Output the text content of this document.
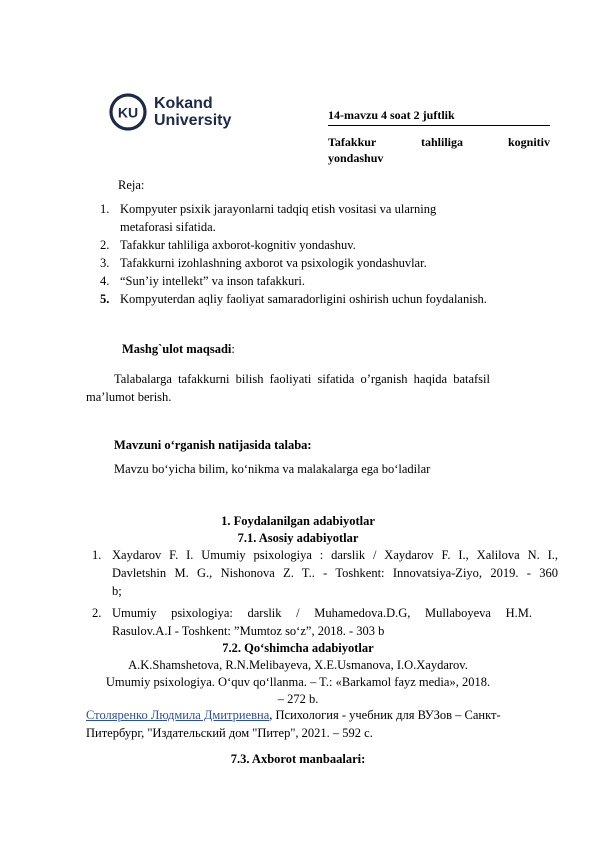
KU
Kokand
University	14-mavzu 4 soat 2 juftlik
Tafakkur tahliliga kognitiv
yondashuv
Reja:
1. Kompyuter psixik jarayonlarni tadqiq etish vositasi va ularning
metaforasi sifatida.
2. Tafakkur tahliliga axborot-kognitiv yondashuv.
3. Tafakkurni izohlashning axborot va psixologik yondashuvlar.
4. “Sun’iy intellekt” va inson tafakkuri.
5. Kompyuterdan aqliy faoliyat samaradorligini oshirish uchun foydalanish.
Mashg`ulot maqsadi:
Talabalarga tafakkurni bilish faoliyati sifatida o’rganish haqida batafsil
ma’lumot berish.
Mavzuni o‘rganish natijasida talaba:
Mavzu bo‘yicha bilim, ko‘nikma va malakalarga ega bo‘ladilar
1. Foydalanilgan adabiyotlar
7.1. Asosiy adabiyotlar
1. Xaydarov F. I. Umumiy psixologiya : darslik / Xaydarov F. I., Xalilova N. I.,
Davletshin M. G., Nishonova Z. T.. - Toshkent: Innovatsiya-Ziyo, 2019. - 360
b;
2. Umumiy psixologiya: darslik / Muhamedova.D.G, Mullaboyeva H.M.
Rasulov.A.I - Toshkent: ”Mumtoz so‘z”, 2018. - 303 b
7.2. Qo‘shimcha adabiyotlar
A.K.Shamshetova, R.N.Melibayeva, X.E.Usmanova, I.O.Xaydarov.
Umumiy psixologiya. O‘quv qo‘llanma. – T.: «Barkamol fayz media», 2018.
– 272 b.
Столяренко Людмила Дмитриевна, Психология - учебник для ВУЗов – Санкт-
Питербург, "Издательский дом "Питер", 2021. – 592 с.
7.3. Axborot manbaalari:
